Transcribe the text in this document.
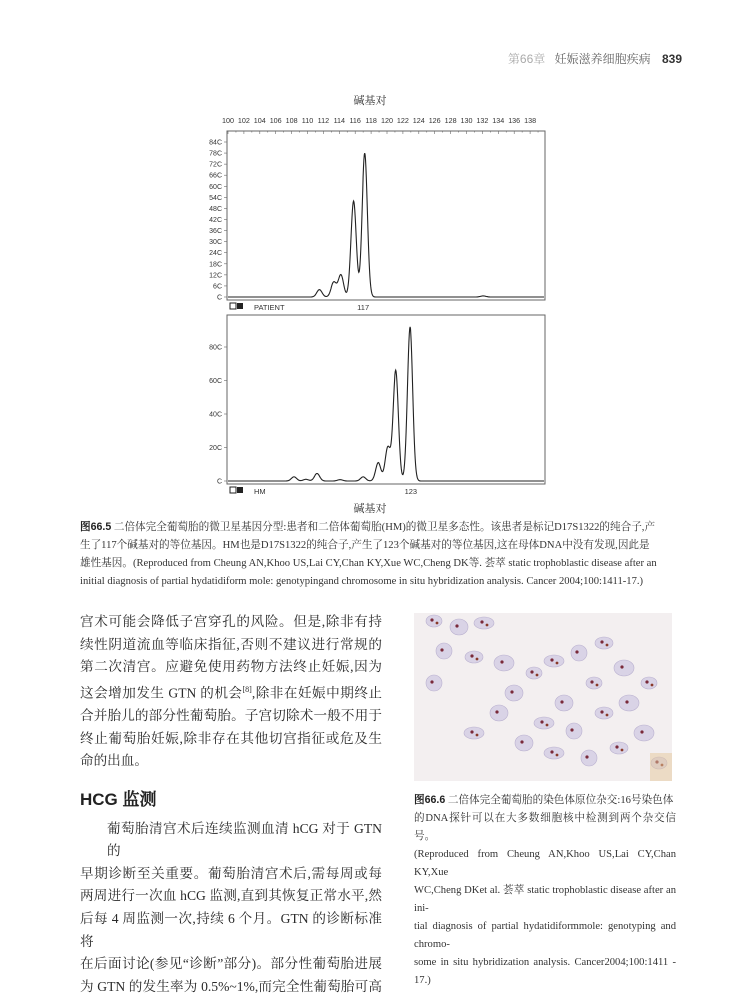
第66章 妊娠滋养细胞疾病 839
碱基对
100 102 104 106 108 110 112 114 116 118 120 122 124 126 128 130 132 134 136 138
C
6C
12C
18C
24C
30C
36C
42C
48C
54C
60C
66C
72C
78C
84C
PATIENT	117
C
20C
40C
60C
80C
HM	123
碱基对
图66.5 二倍体完全葡萄胎的微卫星基因分型:患者和二倍体葡萄胎(HM)的微卫星多态性。该患者是标记D17S1322的纯合子,产
生了117个碱基对的等位基因。HM也是D17S1322的纯合子,产生了123个碱基对的等位基因,这在母体DNA中没有发现,因此是
雄性基因。(Reproduced from Cheung AN,Khoo US,Lai CY,Chan KY,Xue WC,Cheng DK等. 荟萃 static trophoblastic disease after an
initial diagnosis of partial hydatidiform mole: genotypingand chromosome in situ hybridization analysis. Cancer 2004;100:1411-17.)
宫术可能会降低子宫穿孔的风险。但是,除非有持
续性阴道流血等临床指征,否则不建议进行常规的
第二次清宫。应避免使用药物方法终止妊娠,因为
这会增加发生 GTN 的机会[8],除非在妊娠中期终止
合并胎儿的部分性葡萄胎。子宫切除术一般不用于
终止葡萄胎妊娠,除非存在其他切宫指征或危及生
命的出血。
HCG 监测
葡萄胎清宫术后连续监测血清 hCG 对于 GTN 的
早期诊断至关重要。葡萄胎清宫术后,需每周或每
两周进行一次血 hCG 监测,直到其恢复正常水平,然
后每 4 周监测一次,持续 6 个月。GTN 的诊断标准将
在后面讨论(参见“诊断”部分)。部分性葡萄胎进展
为 GTN 的发生率为 0.5%~1%,而完全性葡萄胎可高
图66.6 二倍体完全葡萄胎的染色体原位杂交:16号染色体
的DNA探针可以在大多数细胞核中检测到两个杂交信号。
(Reproduced from Cheung AN,Khoo US,Lai CY,Chan KY,Xue
WC,Cheng DKet al. 荟萃 static trophoblastic disease after an ini-
tial diagnosis of partial hydatidiformmole: genotyping and chromo-
some in situ hybridization analysis. Cancer2004;100:1411 - 17.)
